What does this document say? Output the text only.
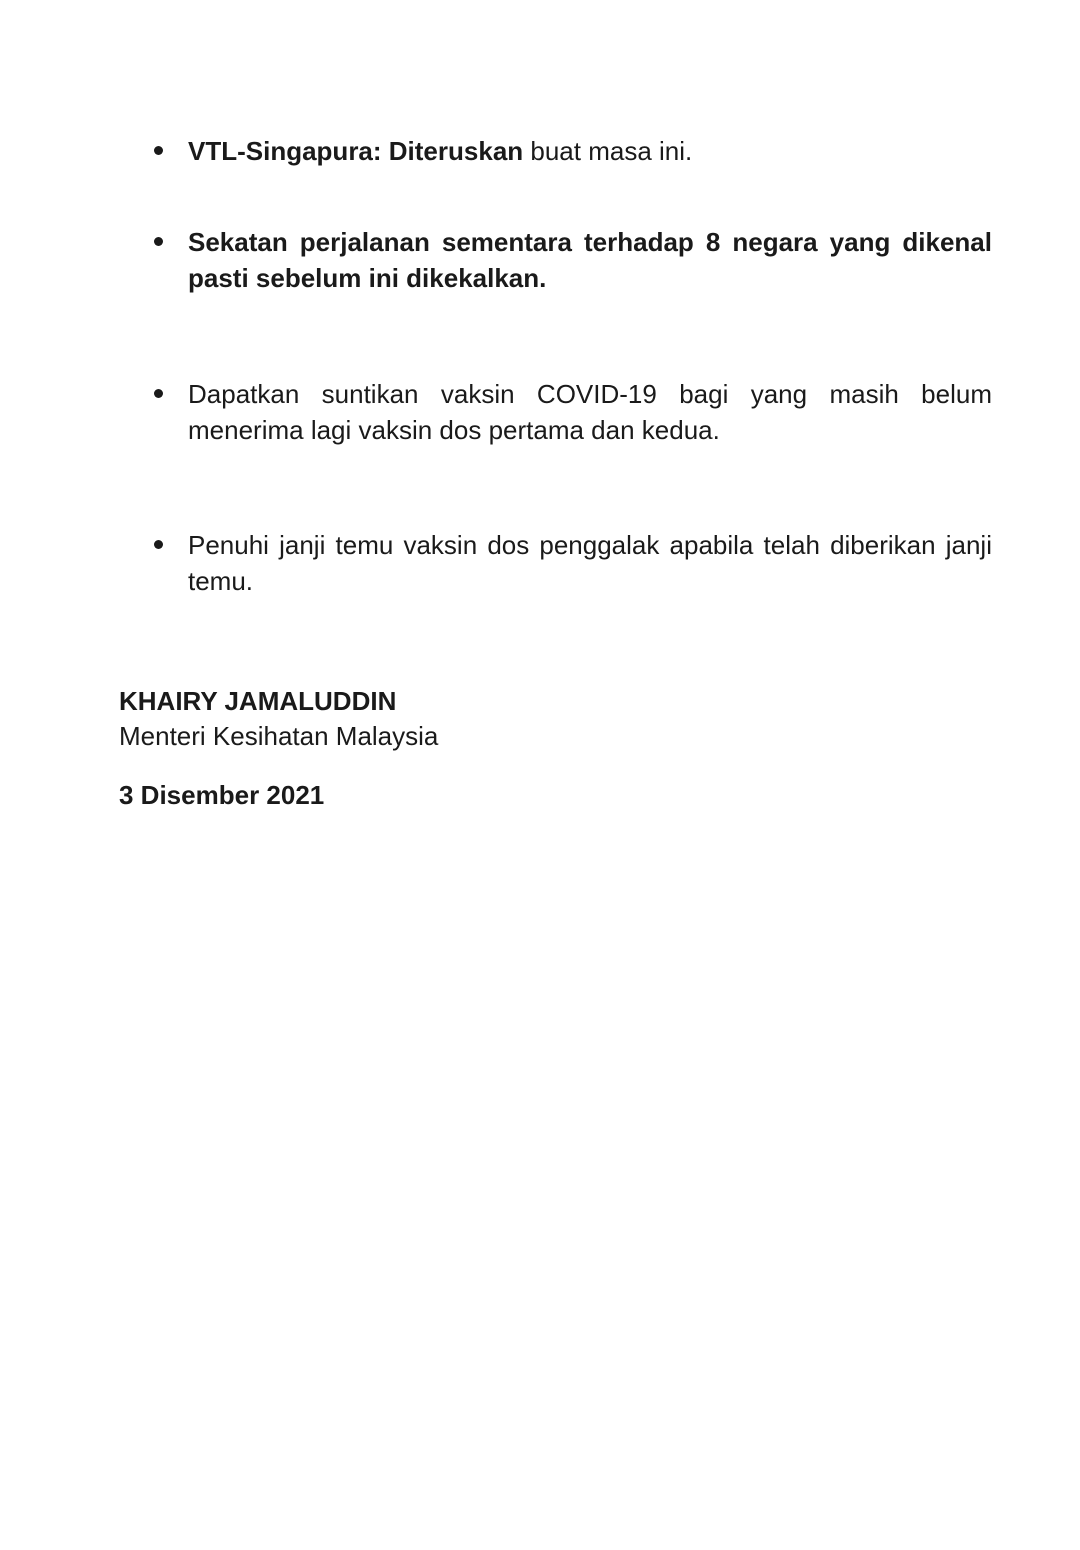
VTL-Singapura: Diteruskan buat masa ini.
Sekatan perjalanan sementara terhadap 8 negara yang dikenal pasti sebelum ini dikekalkan.
Dapatkan suntikan vaksin COVID-19 bagi yang masih belum menerima lagi vaksin dos pertama dan kedua.
Penuhi janji temu vaksin dos penggalak apabila telah diberikan janji temu.
KHAIRY JAMALUDDIN
Menteri Kesihatan Malaysia
3 Disember 2021
